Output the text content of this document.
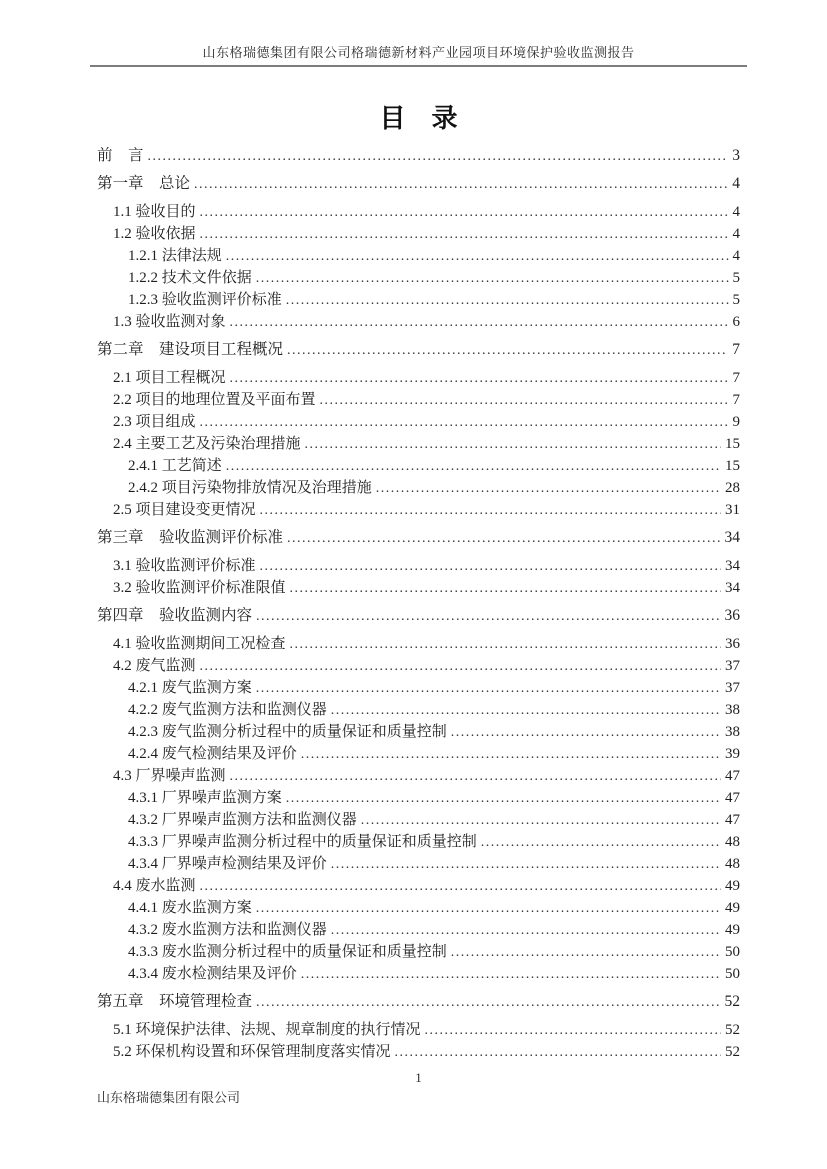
山东格瑞德集团有限公司格瑞德新材料产业园项目环境保护验收监测报告
目　录
前　言 .....	3
第一章　总论 .....	4
1.1 验收目的 .....	4
1.2 验收依据 .....	4
1.2.1 法律法规 .....	4
1.2.2 技术文件依据 .....	5
1.2.3 验收监测评价标准 .....	5
1.3 验收监测对象 .....	6
第二章　建设项目工程概况 .....	7
2.1 项目工程概况 .....	7
2.2 项目的地理位置及平面布置 .....	7
2.3 项目组成 .....	9
2.4 主要工艺及污染治理措施 .....	15
2.4.1 工艺简述 .....	15
2.4.2 项目污染物排放情况及治理措施 .....	28
2.5 项目建设变更情况 .....	31
第三章　验收监测评价标准 .....	34
3.1 验收监测评价标准 .....	34
3.2 验收监测评价标准限值 .....	34
第四章　验收监测内容 .....	36
4.1 验收监测期间工况检查 .....	36
4.2 废气监测 .....	37
4.2.1 废气监测方案 .....	37
4.2.2 废气监测方法和监测仪器 .....	38
4.2.3 废气监测分析过程中的质量保证和质量控制 .....	38
4.2.4 废气检测结果及评价 .....	39
4.3 厂界噪声监测 .....	47
4.3.1 厂界噪声监测方案 .....	47
4.3.2 厂界噪声监测方法和监测仪器 .....	47
4.3.3 厂界噪声监测分析过程中的质量保证和质量控制 .....	48
4.3.4 厂界噪声检测结果及评价 .....	48
4.4 废水监测 .....	49
4.4.1 废水监测方案 .....	49
4.3.2 废水监测方法和监测仪器 .....	49
4.3.3 废水监测分析过程中的质量保证和质量控制 .....	50
4.3.4 废水检测结果及评价 .....	50
第五章　环境管理检查 .....	52
5.1 环境保护法律、法规、规章制度的执行情况 .....	52
5.2 环保机构设置和环保管理制度落实情况 .....	52
1
山东格瑞德集团有限公司
